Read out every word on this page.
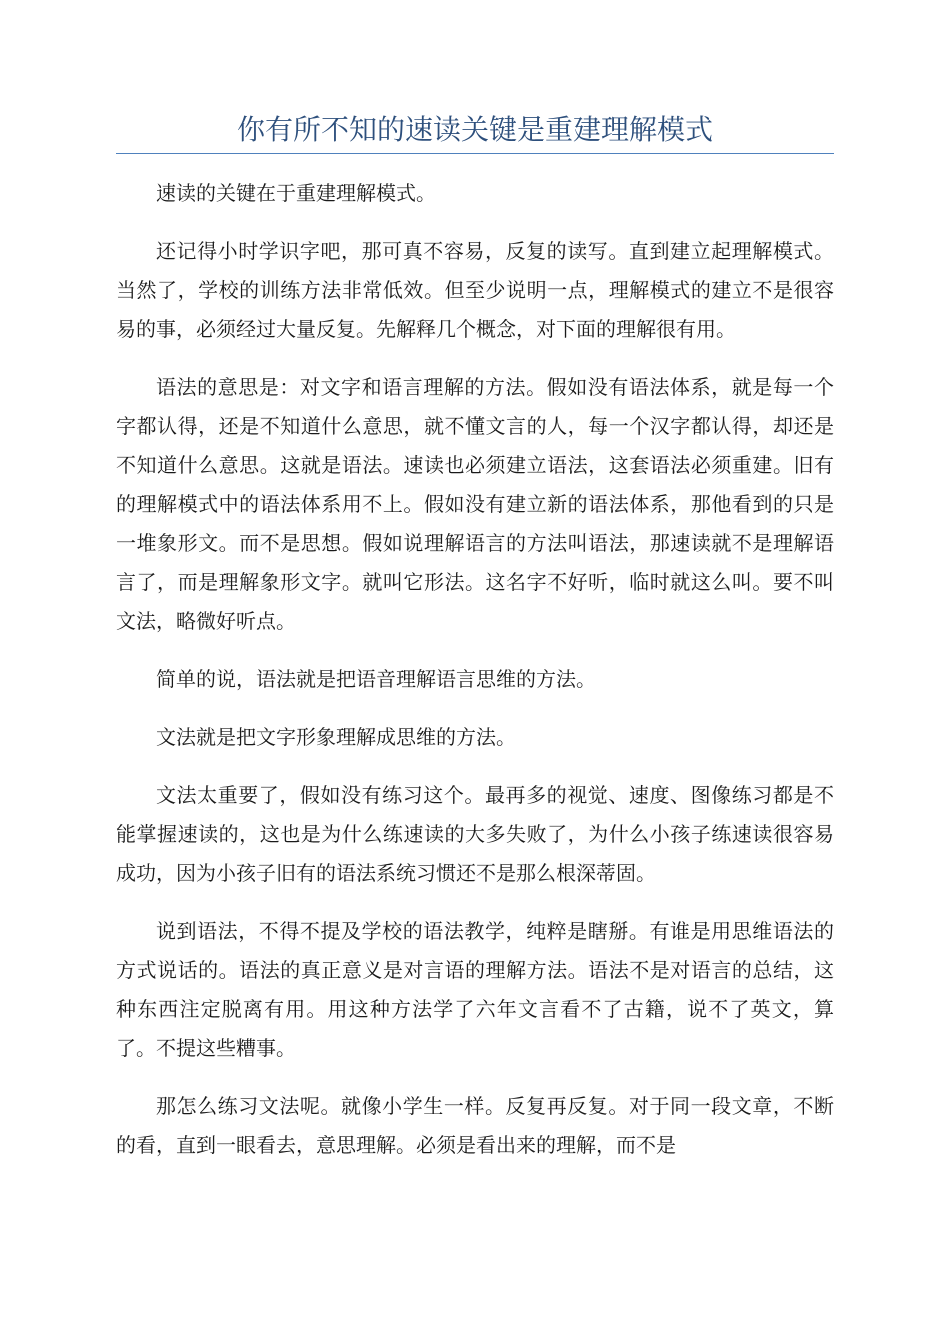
你有所不知的速读关键是重建理解模式

速读的关键在于重建理解模式。

还记得小时学识字吧，那可真不容易，反复的读写。直到建立起理解模式。当然了，学校的训练方法非常低效。但至少说明一点，理解模式的建立不是很容易的事，必须经过大量反复。先解释几个概念，对下面的理解很有用。

语法的意思是：对文字和语言理解的方法。假如没有语法体系，就是每一个字都认得，还是不知道什么意思，就不懂文言的人，每一个汉字都认得，却还是不知道什么意思。这就是语法。速读也必须建立语法，这套语法必须重建。旧有的理解模式中的语法体系用不上。假如没有建立新的语法体系，那他看到的只是一堆象形文。而不是思想。假如说理解语言的方法叫语法，那速读就不是理解语言了，而是理解象形文字。就叫它形法。这名字不好听，临时就这么叫。要不叫文法，略微好听点。

简单的说，语法就是把语音理解语言思维的方法。

文法就是把文字形象理解成思维的方法。

文法太重要了，假如没有练习这个。最再多的视觉、速度、图像练习都是不能掌握速读的，这也是为什么练速读的大多失败了，为什么小孩子练速读很容易成功，因为小孩子旧有的语法系统习惯还不是那么根深蒂固。

说到语法，不得不提及学校的语法教学，纯粹是瞎掰。有谁是用思维语法的方式说话的。语法的真正意义是对言语的理解方法。语法不是对语言的总结，这种东西注定脱离有用。用这种方法学了六年文言看不了古籍，说不了英文，算了。不提这些糟事。

那怎么练习文法呢。就像小学生一样。反复再反复。对于同一段文章，不断的看，直到一眼看去，意思理解。必须是看出来的理解，而不是
